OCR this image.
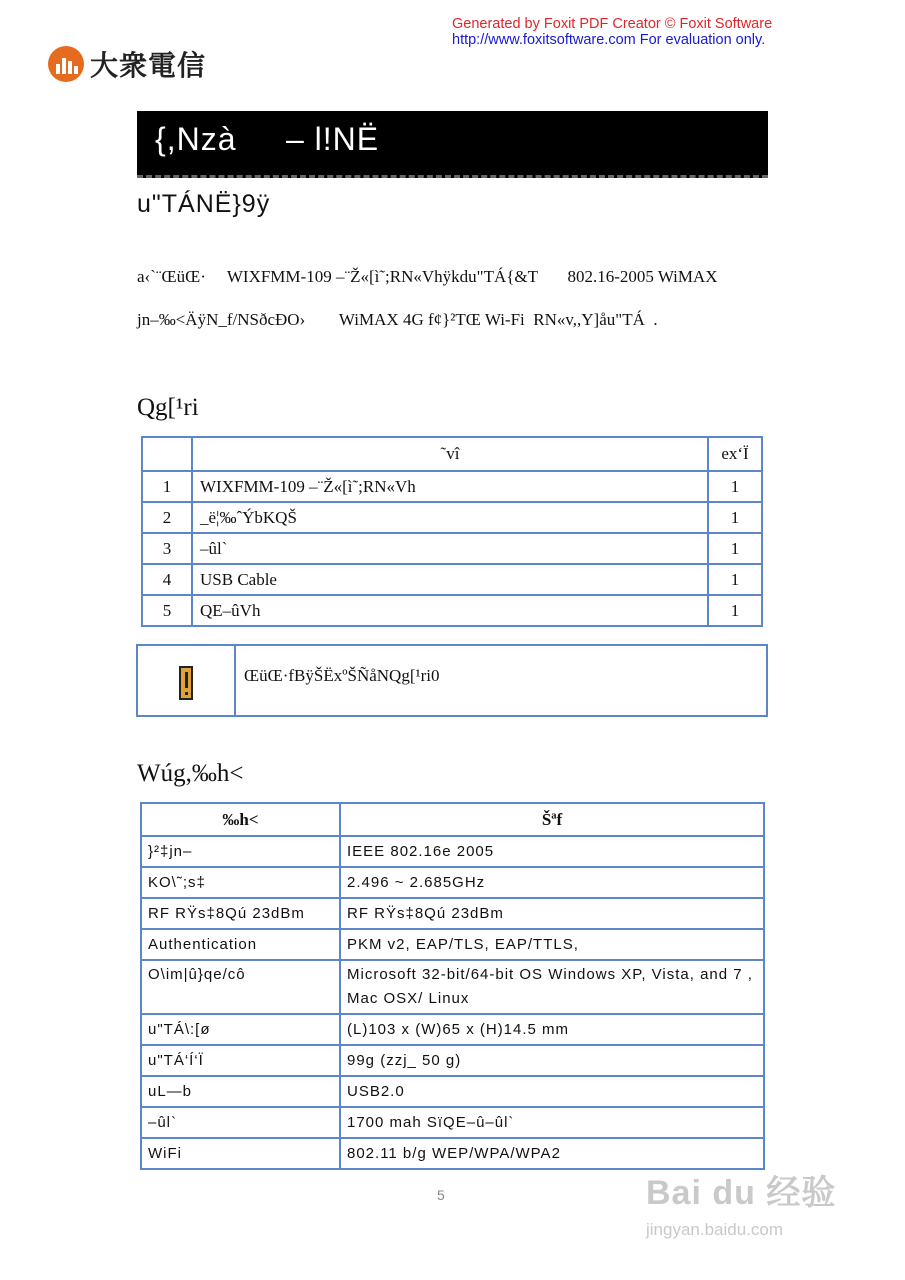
Generated by Foxit PDF Creator © Foxit Software
http://www.foxitsoftware.com For evaluation only.
大衆電信
{,Nzà     – l!NË
u"TÁNË}9ÿ
a‹`¨ŒüŒ·     WIXFMM-109 –¨Ž«[ì˜;RN«Vhÿkdu"TÁ{&T       802.16-2005 WiMAX
jn–‰<ÄÿN_f/NSðcÐO›        WiMAX 4G f¢}²TŒ Wi-Fi  RN«v,,Y]åu"TÁ  .
Qg[¹ri
	˜vî	ex‘Ï
1	WIXFMM-109 –¨Ž«[ì˜;RN«Vh	1
2	_ë¦‰ˆÝbKQŠ	1
3	–ûl`	1
4	USB Cable	1
5	QE–ûVh	1
ŒüŒ·fBÿŠËxºŠÑåNQg[¹ri0
Wúg,‰h<
‰h<	Šªf
}²‡jn–	IEEE 802.16e 2005

KO\˜;s‡	2.496 ~ 2.685GHz

RF RŸs‡8Qú 23dBm	RF RŸs‡8Qú 23dBm

Authentication	PKM v2, EAP/TLS, EAP/TTLS,

O\im|û}qe/cô	Microsoft 32-bit/64-bit OS Windows XP, Vista, and 7 ,
Mac OSX/ Linux

u"TÁ\:[ø	(L)103 x (W)65 x (H)14.5 mm

u"TÁ‘Í‘Ï	99g (zzj_ 50 g)

uL—b	USB2.0

–ûl`	1700 mah SïQE–û–ûl`

WiFi	802.11 b/g WEP/WPA/WPA2
5	Bai du 经验
jingyan.baidu.com
